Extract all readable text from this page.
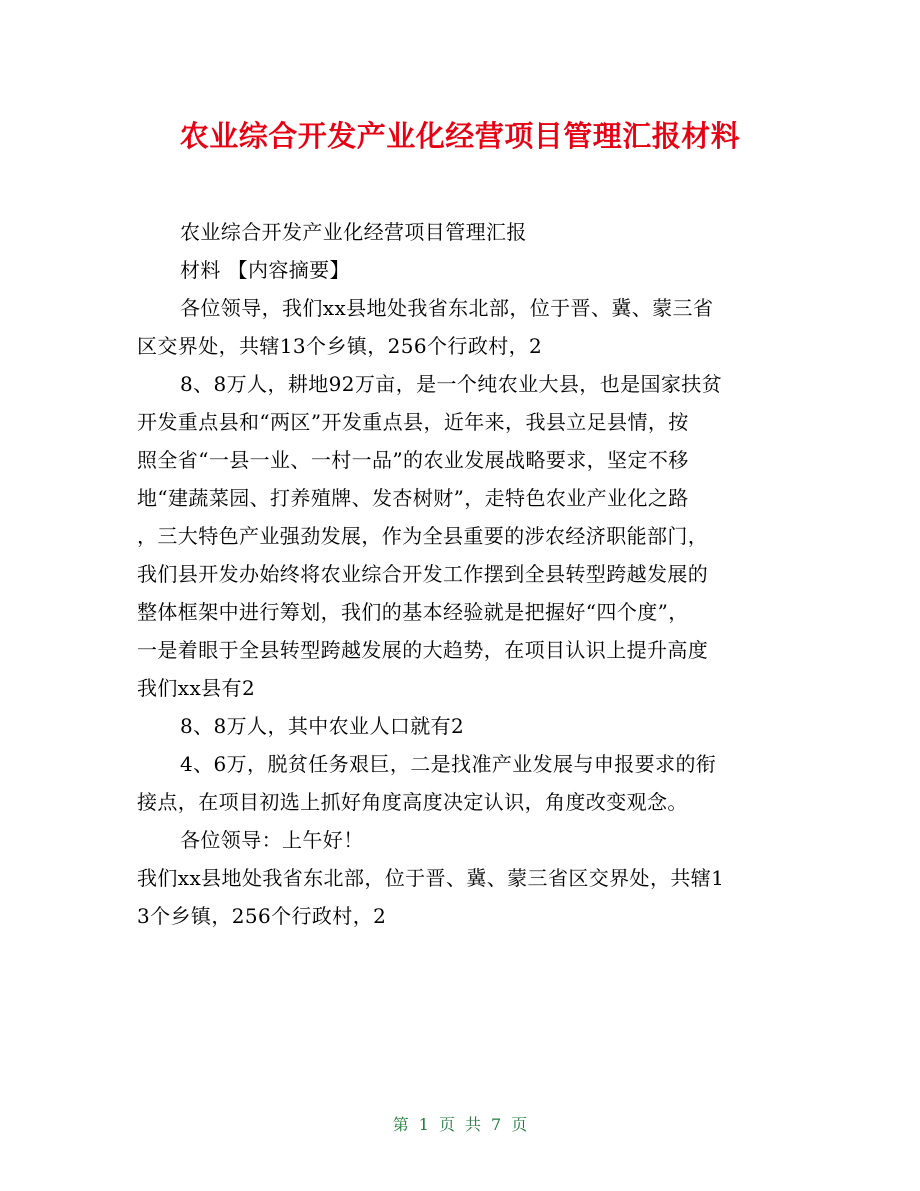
农业综合开发产业化经营项目管理汇报材料
农业综合开发产业化经营项目管理汇报
材料 【内容摘要】
各位领导，我们xx县地处我省东北部，位于晋、冀、蒙三省
区交界处，共辖13个乡镇，256个行政村，2
8、8万人，耕地92万亩，是一个纯农业大县，也是国家扶贫
开发重点县和“两区”开发重点县，近年来，我县立足县情，按
照全省“一县一业、一村一品”的农业发展战略要求，坚定不移
地“建蔬菜园、打养殖牌、发杏树财”，走特色农业产业化之路
，三大特色产业强劲发展，作为全县重要的涉农经济职能部门，
我们县开发办始终将农业综合开发工作摆到全县转型跨越发展的
整体框架中进行筹划，我们的基本经验就是把握好“四个度”，
一是着眼于全县转型跨越发展的大趋势，在项目认识上提升高度
我们xx县有2
8、8万人，其中农业人口就有2
4、6万，脱贫任务艰巨，二是找准产业发展与申报要求的衔
接点，在项目初选上抓好角度高度决定认识，角度改变观念。
各位领导：上午好！
我们xx县地处我省东北部，位于晋、冀、蒙三省区交界处，共辖1
3个乡镇，256个行政村，2
第 1 页 共 7 页
